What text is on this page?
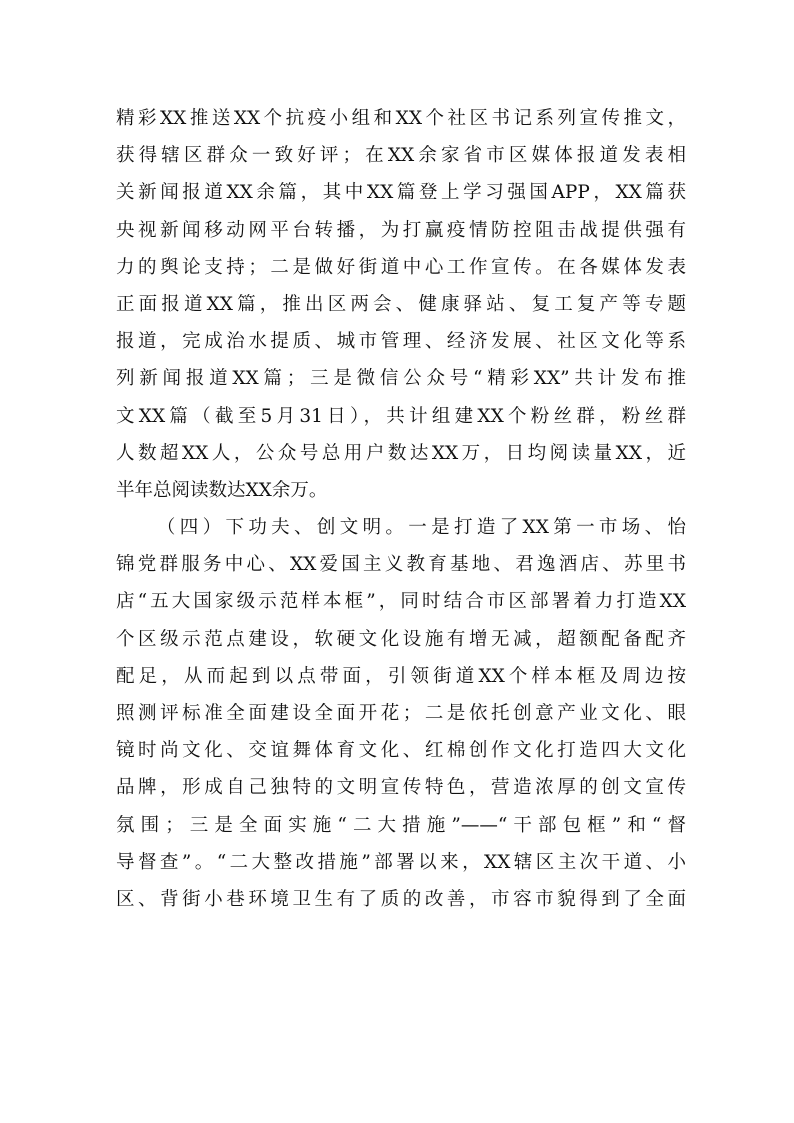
精彩XX推送XX个抗疫小组和XX个社区书记系列宣传推文，
获得辖区群众一致好评；在XX余家省市区媒体报道发表相
关新闻报道XX余篇，其中XX篇登上学习强国APP，XX篇获
央视新闻移动网平台转播，为打赢疫情防控阻击战提供强有
力的舆论支持；二是做好街道中心工作宣传。在各媒体发表
正面报道XX篇，推出区两会、健康驿站、复工复产等专题
报道，完成治水提质、城市管理、经济发展、社区文化等系
列新闻报道XX篇；三是微信公众号“精彩XX”共计发布推
文XX篇（截至5月31日），共计组建XX个粉丝群，粉丝群
人数超XX人，公众号总用户数达XX万，日均阅读量XX，近
半年总阅读数达XX余万。
（四）下功夫、创文明。一是打造了XX第一市场、怡
锦党群服务中心、XX爱国主义教育基地、君逸酒店、苏里书
店“五大国家级示范样本框”，同时结合市区部署着力打造XX
个区级示范点建设，软硬文化设施有增无减，超额配备配齐
配足，从而起到以点带面，引领街道XX个样本框及周边按
照测评标准全面建设全面开花；二是依托创意产业文化、眼
镜时尚文化、交谊舞体育文化、红棉创作文化打造四大文化
品牌，形成自己独特的文明宣传特色，营造浓厚的创文宣传
氛围；三是全面实施“二大措施”——“干部包框”和“督
导督查”。“二大整改措施”部署以来，XX辖区主次干道、小
区、背街小巷环境卫生有了质的改善，市容市貌得到了全面
